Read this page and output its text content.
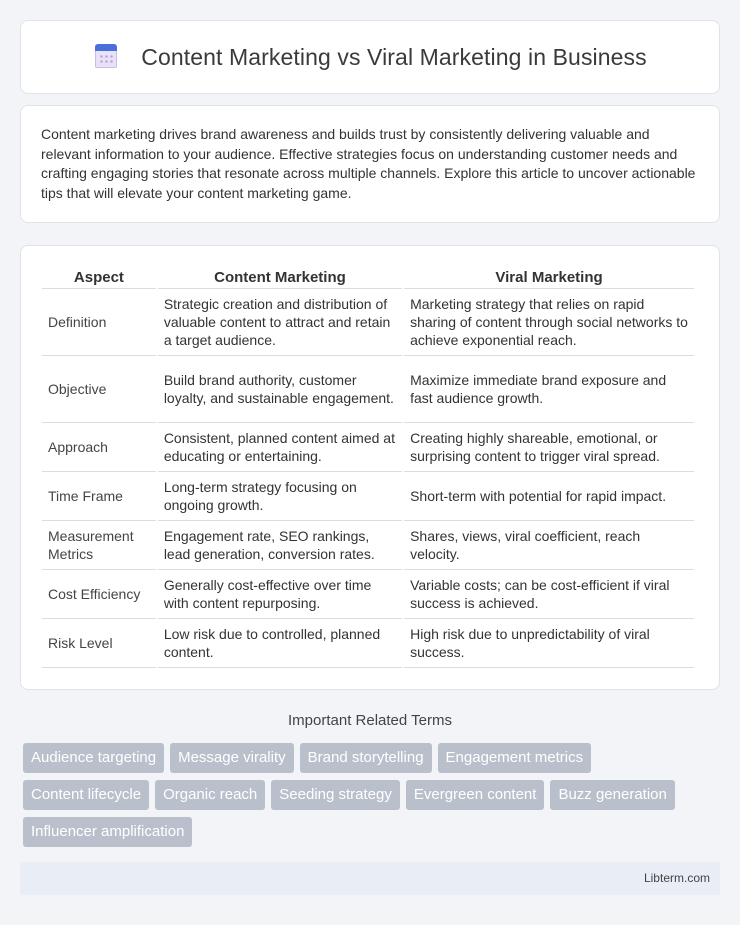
Content Marketing vs Viral Marketing in Business

Content marketing drives brand awareness and builds trust by consistently delivering valuable and relevant information to your audience. Effective strategies focus on understanding customer needs and crafting engaging stories that resonate across multiple channels. Explore this article to uncover actionable tips that will elevate your content marketing game.

Aspect	Content Marketing	Viral Marketing
Definition	Strategic creation and distribution of valuable content to attract and retain a target audience.	Marketing strategy that relies on rapid sharing of content through social networks to achieve exponential reach.
Objective	Build brand authority, customer loyalty, and sustainable engagement.	Maximize immediate brand exposure and fast audience growth.
Approach	Consistent, planned content aimed at educating or entertaining.	Creating highly shareable, emotional, or surprising content to trigger viral spread.
Time Frame	Long-term strategy focusing on ongoing growth.	Short-term with potential for rapid impact.
Measurement Metrics	Engagement rate, SEO rankings, lead generation, conversion rates.	Shares, views, viral coefficient, reach velocity.
Cost Efficiency	Generally cost-effective over time with content repurposing.	Variable costs; can be cost-efficient if viral success is achieved.
Risk Level	Low risk due to controlled, planned content.	High risk due to unpredictability of viral success.
Important Related Terms
Audience targeting	Message virality	Brand storytelling	Engagement metrics
Content lifecycle	Organic reach	Seeding strategy	Evergreen content	Buzz generation
Influencer amplification
Libterm.com
